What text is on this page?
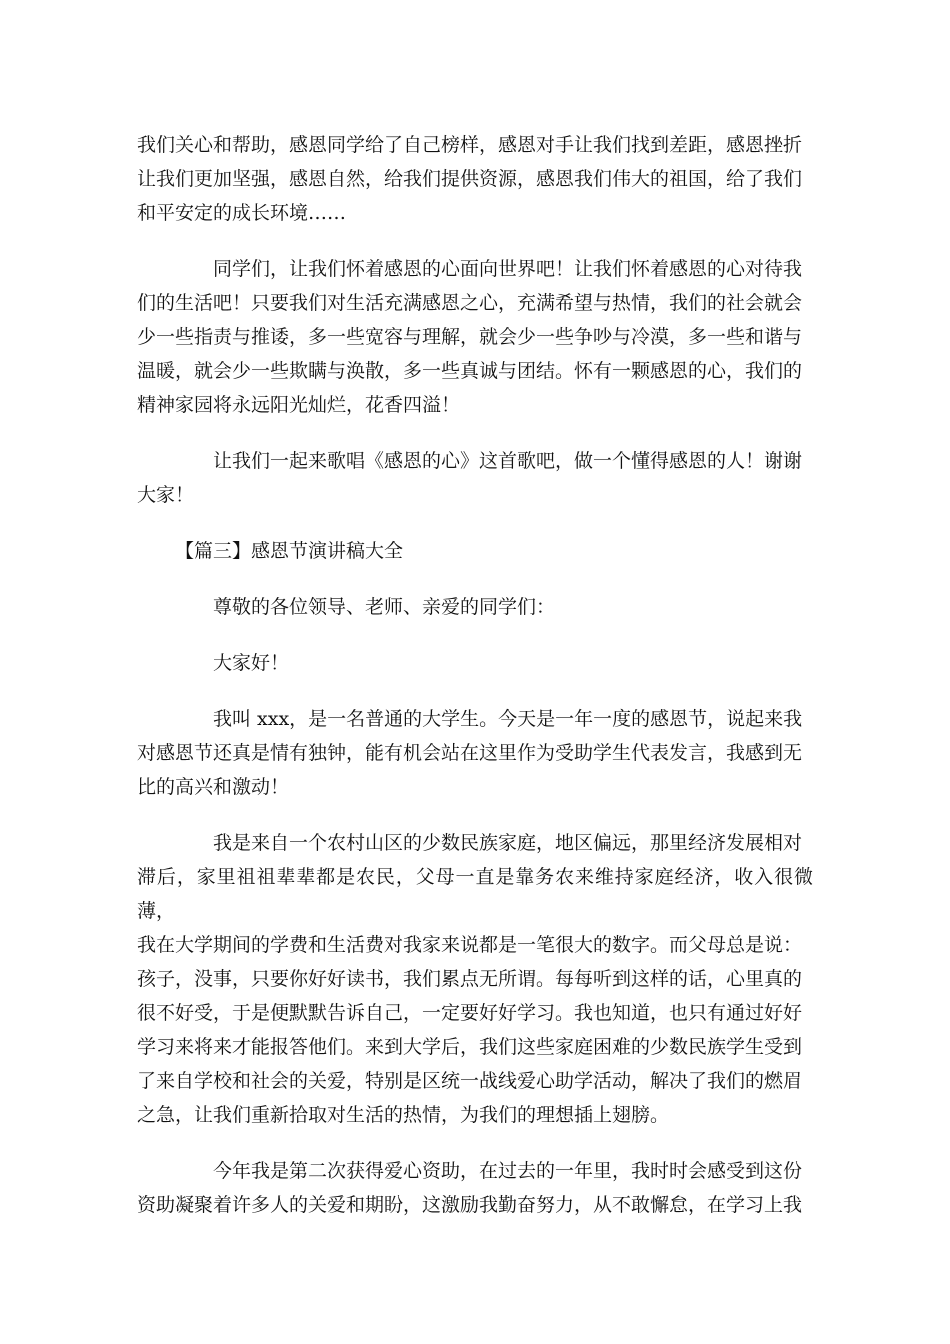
我们关心和帮助，感恩同学给了自己榜样，感恩对手让我们找到差距，感恩挫折
让我们更加坚强，感恩自然，给我们提供资源，感恩我们伟大的祖国，给了我们
和平安定的成长环境……

同学们，让我们怀着感恩的心面向世界吧！让我们怀着感恩的心对待我
们的生活吧！只要我们对生活充满感恩之心，充满希望与热情，我们的社会就会
少一些指责与推诿，多一些宽容与理解，就会少一些争吵与冷漠，多一些和谐与
温暖，就会少一些欺瞒与涣散，多一些真诚与团结。怀有一颗感恩的心，我们的
精神家园将永远阳光灿烂，花香四溢！

让我们一起来歌唱《感恩的心》这首歌吧，做一个懂得感恩的人！谢谢
大家！

【篇三】感恩节演讲稿大全

尊敬的各位领导、老师、亲爱的同学们：

大家好！

我叫 xxx，是一名普通的大学生。今天是一年一度的感恩节，说起来我
对感恩节还真是情有独钟，能有机会站在这里作为受助学生代表发言，我感到无
比的高兴和激动！

我是来自一个农村山区的少数民族家庭，地区偏远，那里经济发展相对
滞后，家里祖祖辈辈都是农民，父母一直是靠务农来维持家庭经济，收入很微薄，
我在大学期间的学费和生活费对我家来说都是一笔很大的数字。而父母总是说：
孩子，没事，只要你好好读书，我们累点无所谓。每每听到这样的话，心里真的
很不好受，于是便默默告诉自己，一定要好好学习。我也知道，也只有通过好好
学习来将来才能报答他们。来到大学后，我们这些家庭困难的少数民族学生受到
了来自学校和社会的关爱，特别是区统一战线爱心助学活动，解决了我们的燃眉
之急，让我们重新拾取对生活的热情，为我们的理想插上翅膀。

今年我是第二次获得爱心资助，在过去的一年里，我时时会感受到这份
资助凝聚着许多人的关爱和期盼，这激励我勤奋努力，从不敢懈怠，在学习上我
